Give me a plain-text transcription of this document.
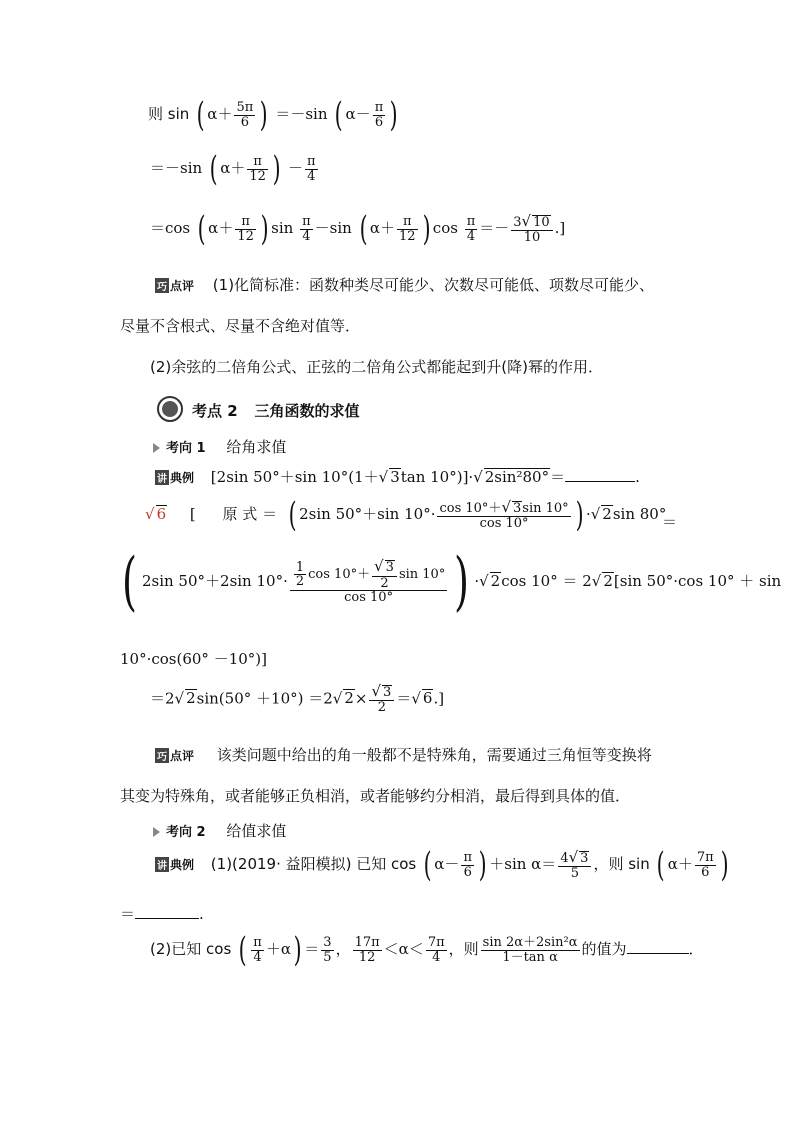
则 sin ( $\alpha+ \frac{5\pi}{6}$ ) ＝－sin ( $\alpha- \frac{\pi}{6}$ )
＝－sin ( $\alpha+ \frac{\pi}{12}$ ) － $\frac{\pi}{4}$
＝cos ( $\alpha+ \frac{\pi}{12}$ ) $\sin \frac{\pi}{4} -\sin$ ( $\alpha+ \frac{\pi}{12}$ ) $\cos \frac{\pi}{4} =- \frac{3√ 10}{10}$ .]
巧 点评 (1)化简标准：函数种类尽可能少、次数尽可能低、项数尽可能少、
尽量不含根式、尽量不含绝对值等．
(2)余弦的二倍角公式、正弦的二倍角公式都能起到升(降)幂的作用．
考点 2 三角函数的求值
考向 1 给角求值
讲 典例 [2sin 50°＋sin 10°(1＋√ 3tan 10°)]·√ 2sin²80°＝	.
√ 6 [ 原 式 ＝ ( 2sin 50°＋sin $10^\circ\cdot \frac{\cos 10^\circ+√ 3\sin 10^\circ}{\cos 10^\circ}$ ) ·√ 2sin 80°
＝
( 2sin 50°＋2sin $10^\circ\cdot \frac{\frac{1}{2} \cos 10^\circ+ \frac{√ 3}{2} \sin 10^\circ}{\cos 10^\circ}$ ) ·√ 2cos 10° ＝ 2√ 2[sin 50°·cos 10° ＋ sin
10°·cos(60° －10°)]
＝2√ 2sin(50° ＋10°) ＝2√ $2\times \frac{√ 3}{2}$ ＝√ 6.]
巧 点评 该类问题中给出的角一般都不是特殊角，需要通过三角恒等变换将
其变为特殊角，或者能够正负相消，或者能够约分相消，最后得到具体的值．
考向 2 给值求值
讲 典例 (1)(2019· 益阳模拟) 已知 cos ( $\alpha- \frac{\pi}{6}$ ) ＋sin $\alpha= \frac{4√ 3}{5}$ ，则 sin ( $\alpha+ \frac{7\pi}{6}$ )
＝	.
(2)已知 cos ( $\frac{\pi}{4} +\alpha) = \frac{3}{5}$ ， $\frac{17\pi}{12} <\alpha< \frac{7\pi}{4}$ ，则 $\frac{\text{sin 2α＋2sin²α}}{\text{1－tan α}}$ 的值为	．
